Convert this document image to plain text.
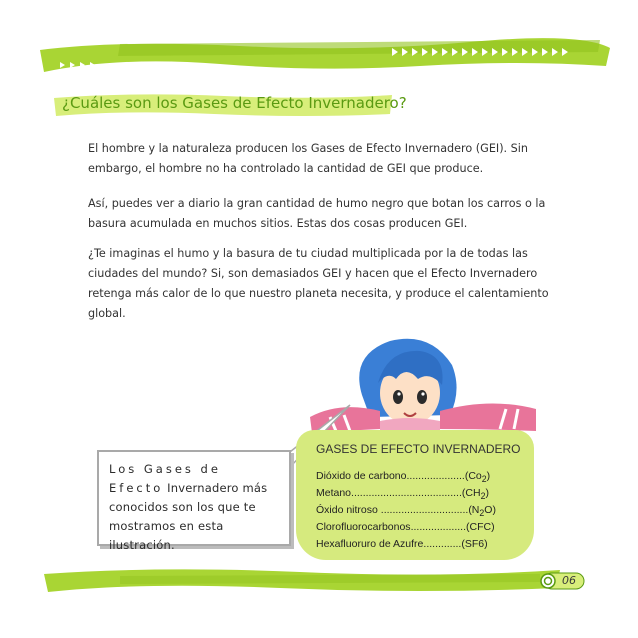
¿Cuáles son los Gases de Efecto Invernadero?

El hombre y la naturaleza producen los Gases de Efecto Invernadero (GEI). Sin embargo, el hombre no ha controlado la cantidad de GEI que produce.

Así, puedes ver a diario la gran cantidad de humo negro que botan los carros o la basura acumulada en muchos sitios. Estas dos cosas producen GEI.

¿Te imaginas el humo y la basura de tu ciudad multiplicada por la de todas las ciudades del mundo? Si, son demasiados GEI y hacen que el Efecto Invernadero retenga más calor de lo que nuestro planeta necesita, y produce el calentamiento global.

Los Gases de Efecto Invernadero más conocidos son los que te mostramos en esta ilustración.
GASES DE EFECTO INVERNADERO
Dióxido de $carbono....................(Co_2)$
$Metano......................................(CH_2)$
Óxido nitroso $..............................(N_2O)$
Clorofluorocarbonos...................(CFC)
Hexafluoruro de Azufre.............(SF6)
06
